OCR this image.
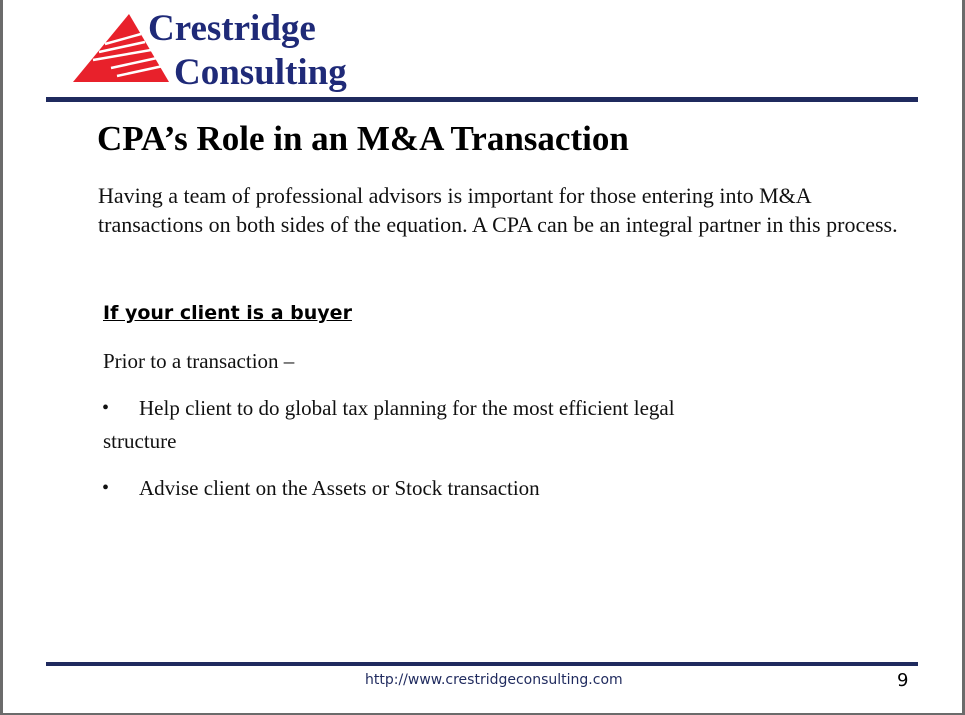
Crestridge
Consulting
CPA’s Role in an M&A Transaction

Having a team of professional advisors is important for those entering into M&A transactions on both sides of the equation. A CPA can be an integral partner in this process.

If your client is a buyer

Prior to a transaction –

• Help client to do global tax planning for the most efficient legal
structure
• Advise client on the Assets or Stock transaction
http://www.crestridgeconsulting.com	9
